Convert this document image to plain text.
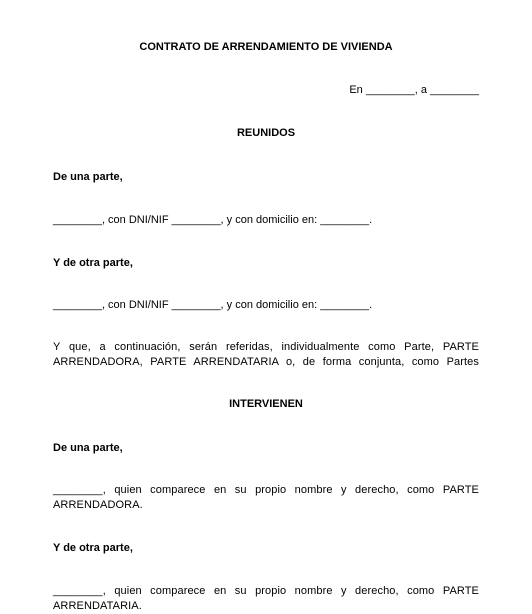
CONTRATO DE ARRENDAMIENTO DE VIVIENDA
En ________, a ________
REUNIDOS
De una parte,
________, con DNI/NIF ________, y con domicilio en: ________.
Y de otra parte,
________, con DNI/NIF ________, y con domicilio en: ________.
Y que, a continuación, serán referidas, individualmente como Parte, PARTE
ARRENDADORA, PARTE ARRENDATARIA o, de forma conjunta, como Partes
INTERVIENEN
De una parte,
________, quien comparece en su propio nombre y derecho, como PARTE
ARRENDADORA.
Y de otra parte,
________, quien comparece en su propio nombre y derecho, como PARTE
ARRENDATARIA.
